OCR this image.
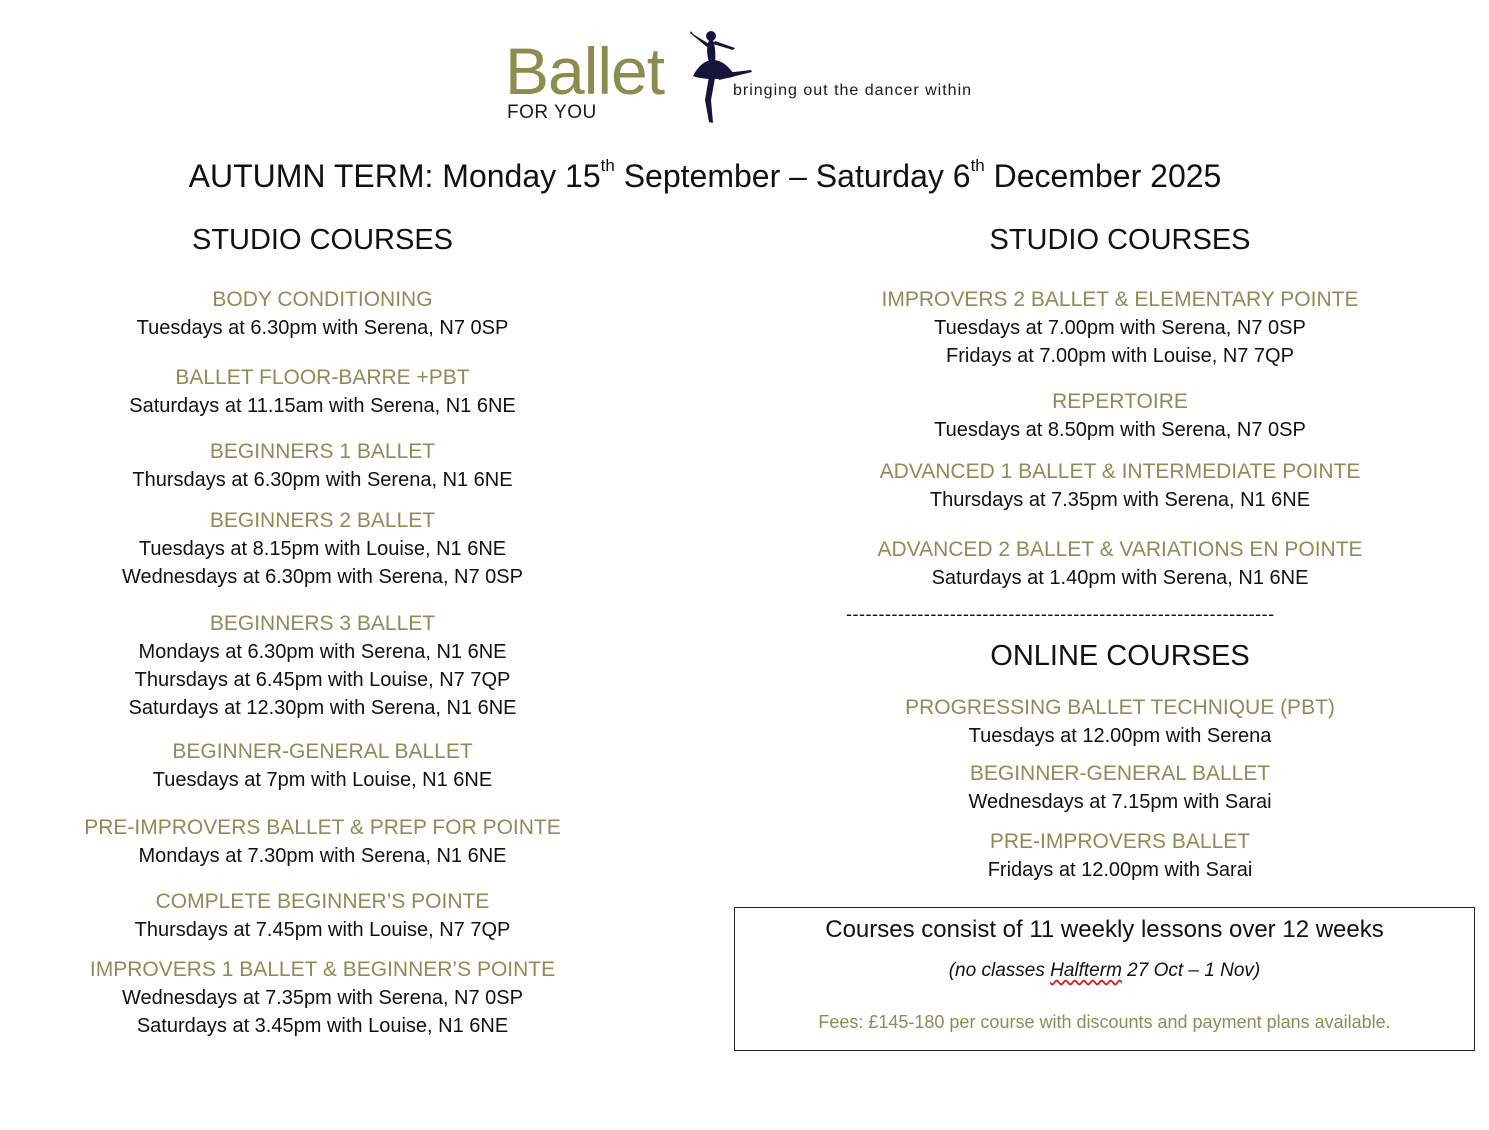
Ballet
FOR YOU
bringing out the dancer within
AUTUMN TERM: Monday 15th September – Saturday 6th December 2025
STUDIO COURSES
BODY CONDITIONING
Tuesdays at 6.30pm with Serena, N7 0SP
BALLET FLOOR-BARRE +PBT
Saturdays at 11.15am with Serena, N1 6NE
BEGINNERS 1 BALLET
Thursdays at 6.30pm with Serena, N1 6NE
BEGINNERS 2 BALLET
Tuesdays at 8.15pm with Louise, N1 6NE
Wednesdays at 6.30pm with Serena, N7 0SP
BEGINNERS 3 BALLET
Mondays at 6.30pm with Serena, N1 6NE
Thursdays at 6.45pm with Louise, N7 7QP
Saturdays at 12.30pm with Serena, N1 6NE
BEGINNER-GENERAL BALLET
Tuesdays at 7pm with Louise, N1 6NE
PRE-IMPROVERS BALLET & PREP FOR POINTE
Mondays at 7.30pm with Serena, N1 6NE
COMPLETE BEGINNER’S POINTE
Thursdays at 7.45pm with Louise, N7 7QP
IMPROVERS 1 BALLET & BEGINNER’S POINTE
Wednesdays at 7.35pm with Serena, N7 0SP
Saturdays at 3.45pm with Louise, N1 6NE
STUDIO COURSES
IMPROVERS 2 BALLET & ELEMENTARY POINTE
Tuesdays at 7.00pm with Serena, N7 0SP
Fridays at 7.00pm with Louise, N7 7QP
REPERTOIRE
Tuesdays at 8.50pm with Serena, N7 0SP
ADVANCED 1 BALLET & INTERMEDIATE POINTE
Thursdays at 7.35pm with Serena, N1 6NE
ADVANCED 2 BALLET & VARIATIONS EN POINTE
Saturdays at 1.40pm with Serena, N1 6NE
ONLINE COURSES
PROGRESSING BALLET TECHNIQUE (PBT)
Tuesdays at 12.00pm with Serena
BEGINNER-GENERAL BALLET
Wednesdays at 7.15pm with Sarai
PRE-IMPROVERS BALLET
Fridays at 12.00pm with Sarai
------------------------------------------------------------------
Courses consist of 11 weekly lessons over 12 weeks
(no classes Halfterm 27 Oct – 1 Nov)
Fees: £145-180 per course with discounts and payment plans available.
